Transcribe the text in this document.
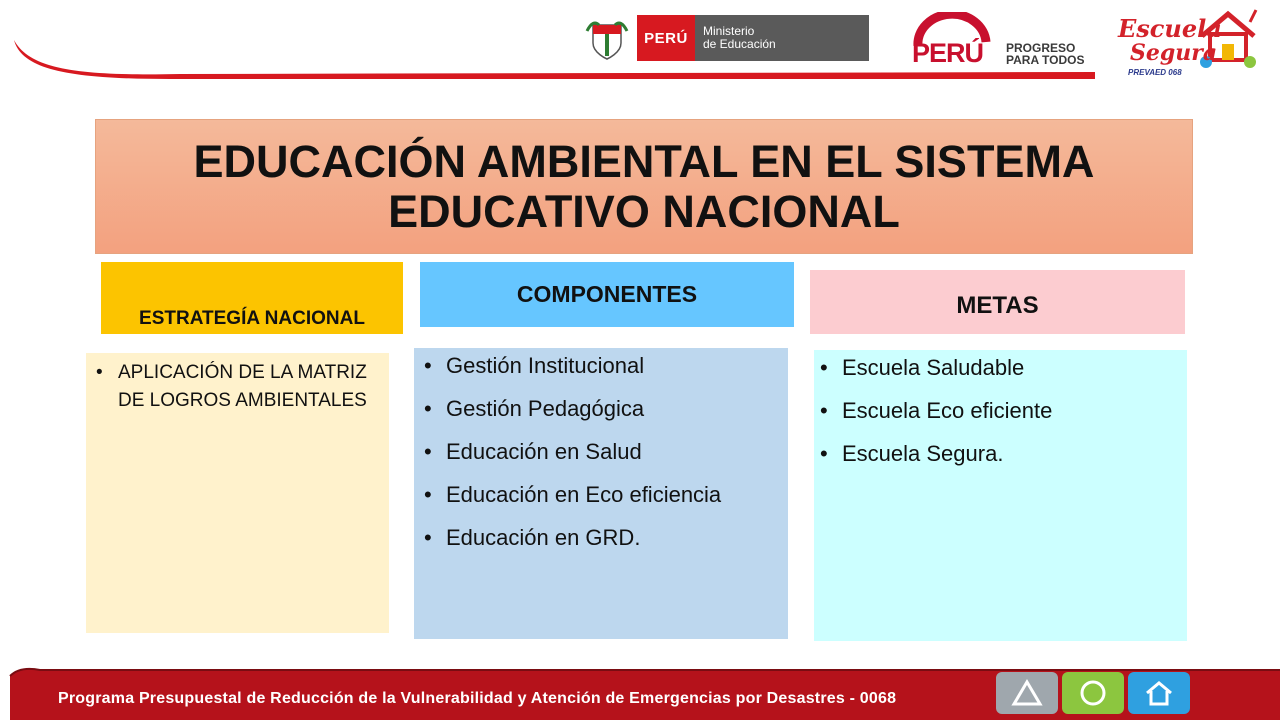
PERÚ	Ministerio
de Educación	PERÚ PROGRESO
PARA TODOS
Escuela
Segura
PREVAED 068
EDUCACIÓN AMBIENTAL EN EL SISTEMA
EDUCATIVO NACIONAL
ESTRATEGÍA NACIONAL
COMPONENTES	METAS
• APLICACIÓN DE LA MATRIZ DE LOGROS AMBIENTALES
• Gestión Institucional
• Gestión Pedagógica
• Educación en Salud
• Educación en Eco eficiencia
• Educación en GRD.
• Escuela Saludable
• Escuela Eco eficiente
• Escuela Segura.
Programa Presupuestal de Reducción de la Vulnerabilidad y Atención de Emergencias por Desastres - 0068
